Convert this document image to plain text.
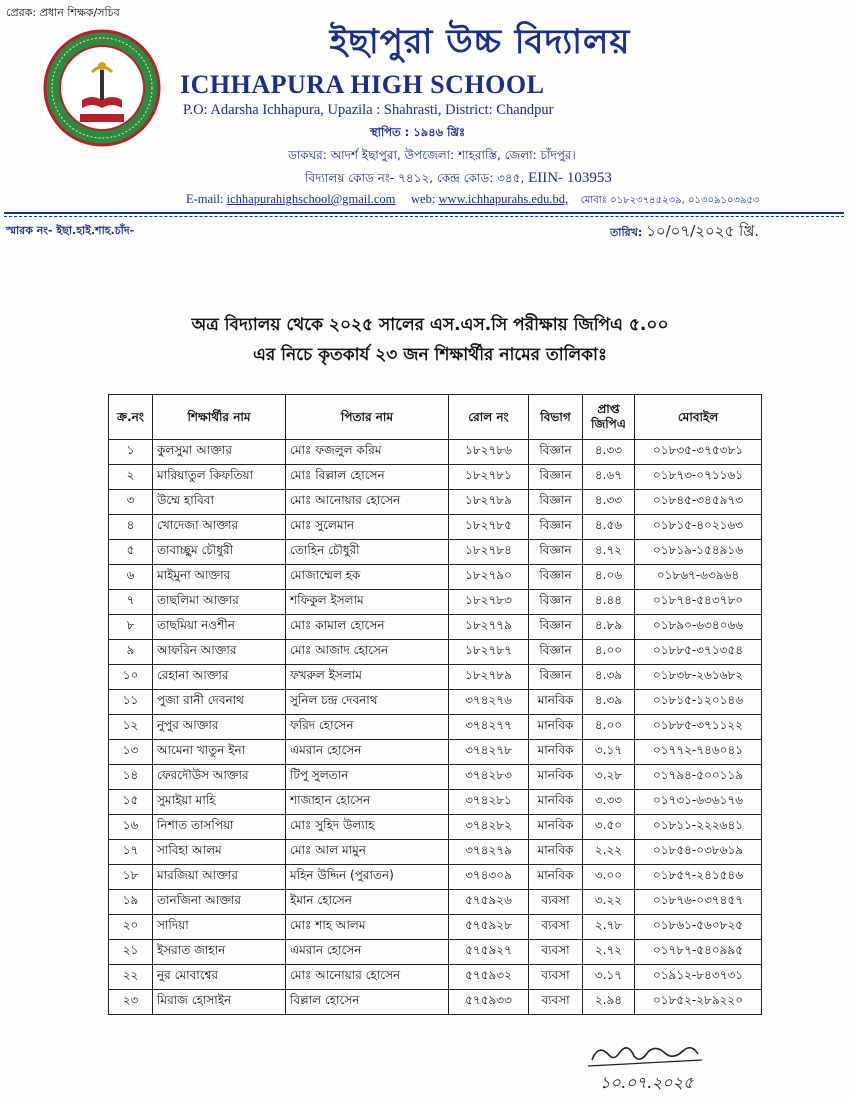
প্রেরক: প্রধান শিক্ষক/সচিব
ইছাপুরা উচ্চ বিদ্যালয়
ICHHAPURA HIGH SCHOOL
P.O: Adarsha Ichhapura, Upazila : Shahrasti, District: Chandpur
স্থাপিত : ১৯৪৬ খ্রিঃ
ডাকঘর: আদর্শ ইছাপুরা, উপজেলা: শাহরাস্তি, জেলা: চাঁদপুর।
বিদ্যালয় কোড নং- ৭৪১২, কেন্দ্র কোড: ৩৪৫, EIIN- 103953
E-mail: ichhapurahighschool@gmail.com web: www.ichhapurahs.edu.bd, মোবাঃ ০১৮২৩৭৪৫২৩৯, ০১৩০৯১০৩৯৫৩
স্মারক নং- ইছা.হাই.শাহ.চাঁদ-	তারিখ: ১০/০৭/২০২৫ খ্রি.
অত্র বিদ্যালয় থেকে ২০২৫ সালের এস.এস.সি পরীক্ষায় জিপিএ ৫.০০
এর নিচে কৃতকার্য ২৩ জন শিক্ষার্থীর নামের তালিকাঃ
ক্র.নং	শিক্ষার্থীর নাম	পিতার নাম	রোল নং	বিভাগ	প্রাপ্ত জিপিএ	মোবাইল
১	কুলসুমা আক্তার	মোঃ ফজলুল করিম	১৮২৭৮৬	বিজ্ঞান	৪.৩৩	০১৮৩৫-৩৭৫৩৮১
২	মারিয়াতুল কিফতিয়া	মোঃ বিল্লাল হোসেন	১৮২৭৮১	বিজ্ঞান	৪.৬৭	০১৮৭৩-০৭১১৬১
৩	উম্মে হাবিবা	মোঃ আনোয়ার হোসেন	১৮২৭৮৯	বিজ্ঞান	৪.৩৩	০১৮৪৫-৩৪৫৯৭৩
৪	খোদেজা আক্তার	মোঃ সুলেমান	১৮২৭৮৫	বিজ্ঞান	৪.৫৬	০১৮১৫-৪০২১৬৩
৫	তাবাচ্ছুম চৌধুরী	তোহিন চৌধুরী	১৮২৭৮৪	বিজ্ঞান	৪.৭২	০১৮১৯-১৫৪৯১৬
৬	মাইমুনা আক্তার	মোজাম্মেল হক	১৮২৭৯০	বিজ্ঞান	৪.০৬	০১৮৬৭-৬৩৯৬৪
৭	তাছলিমা আক্তার	শফিকুল ইসলাম	১৮২৭৮৩	বিজ্ঞান	৪.৪৪	০১৮৭৪-৫৪৩৭৮০
৮	তাছমিয়া নওশীন	মোঃ কামাল হোসেন	১৮২৭৭৯	বিজ্ঞান	৪.৮৯	০১৮৯০-৬৩৪০৬৬
৯	আফরিন আক্তার	মোঃ আজাদ হোসেন	১৮২৭৮৭	বিজ্ঞান	৪.০০	০১৮৮৫-৩৭১৩৫৪
১০	রেহানা আক্তার	ফখরুল ইসলাম	১৮২৭৮৯	বিজ্ঞান	৪.৩৯	০১৮৩৮-২৬১৬৮২
১১	পুজা রানী দেবনাথ	সুনিল চন্দ্র দেবনাথ	৩৭৪২৭৬	মানবিক	৪.৩৯	০১৮১৫-১২০১৪৬
১২	নুপুর আক্তার	ফরিদ হোসেন	৩৭৪২৭৭	মানবিক	৪.০০	০১৮৮৫-৩৭১১২২
১৩	আমেনা খাতুন ইনা	এমরান হোসেন	৩৭৪২৭৮	মানবিক	৩.১৭	০১৭৭২-৭৪৬০৪১
১৪	ফেরদৌউস আক্তার	টিপু সুলতান	৩৭৪২৮৩	মানবিক	৩.২৮	০১৭৯৪-৫০০১১৯
১৫	সুমাইয়া মাহি	শাজাহান হোসেন	৩৭৪২৮১	মানবিক	৩.৩৩	০১৭৩১-৬৩৬১৭৬
১৬	নিশাত তাসপিয়া	মোঃ সুহিদ উল্যাহ	৩৭৪২৮২	মানবিক	৩.৫০	০১৮১১-২২২৬৪১
১৭	সাবিহা আলম	মোঃ আল মামুন	৩৭৪২৭৯	মানবিক	২.২২	০১৮৫৪-০৩৮৬১৯
১৮	মারজিয়া আক্তার	মহিন উদ্দিন (পুরাতন)	৩৭৪৩০৯	মানবিক	৩.০০	০১৮৫৭-২৪১৫৪৬
১৯	তানজিনা আক্তার	ইমান হোসেন	৫৭৫৯২৬	ব্যবসা	৩.২২	০১৮৭৬-০৩৭৪৫৭
২০	সাদিয়া	মোঃ শাহ আলম	৫৭৫৯২৮	ব্যবসা	২.৭৮	০১৮৬১-৫৬০৮২৫
২১	ইসরাত জাহান	এমরান হোসেন	৫৭৫৯২৭	ব্যবসা	২.৭২	০১৭৮৭-৫৪০৯৯৫
২২	নুর মোবাশ্বের	মোঃ আনোয়ার হোসেন	৫৭৫৯৩২	ব্যবসা	৩.১৭	০১৯১২-৮৪৩৭৩১
২৩	মিরাজ হোসাইন	বিল্লাল হোসেন	৫৭৫৯৩৩	ব্যবসা	২.৯৪	০১৮৫২-২৮৯২২০
১০.০৭.২০২৫
